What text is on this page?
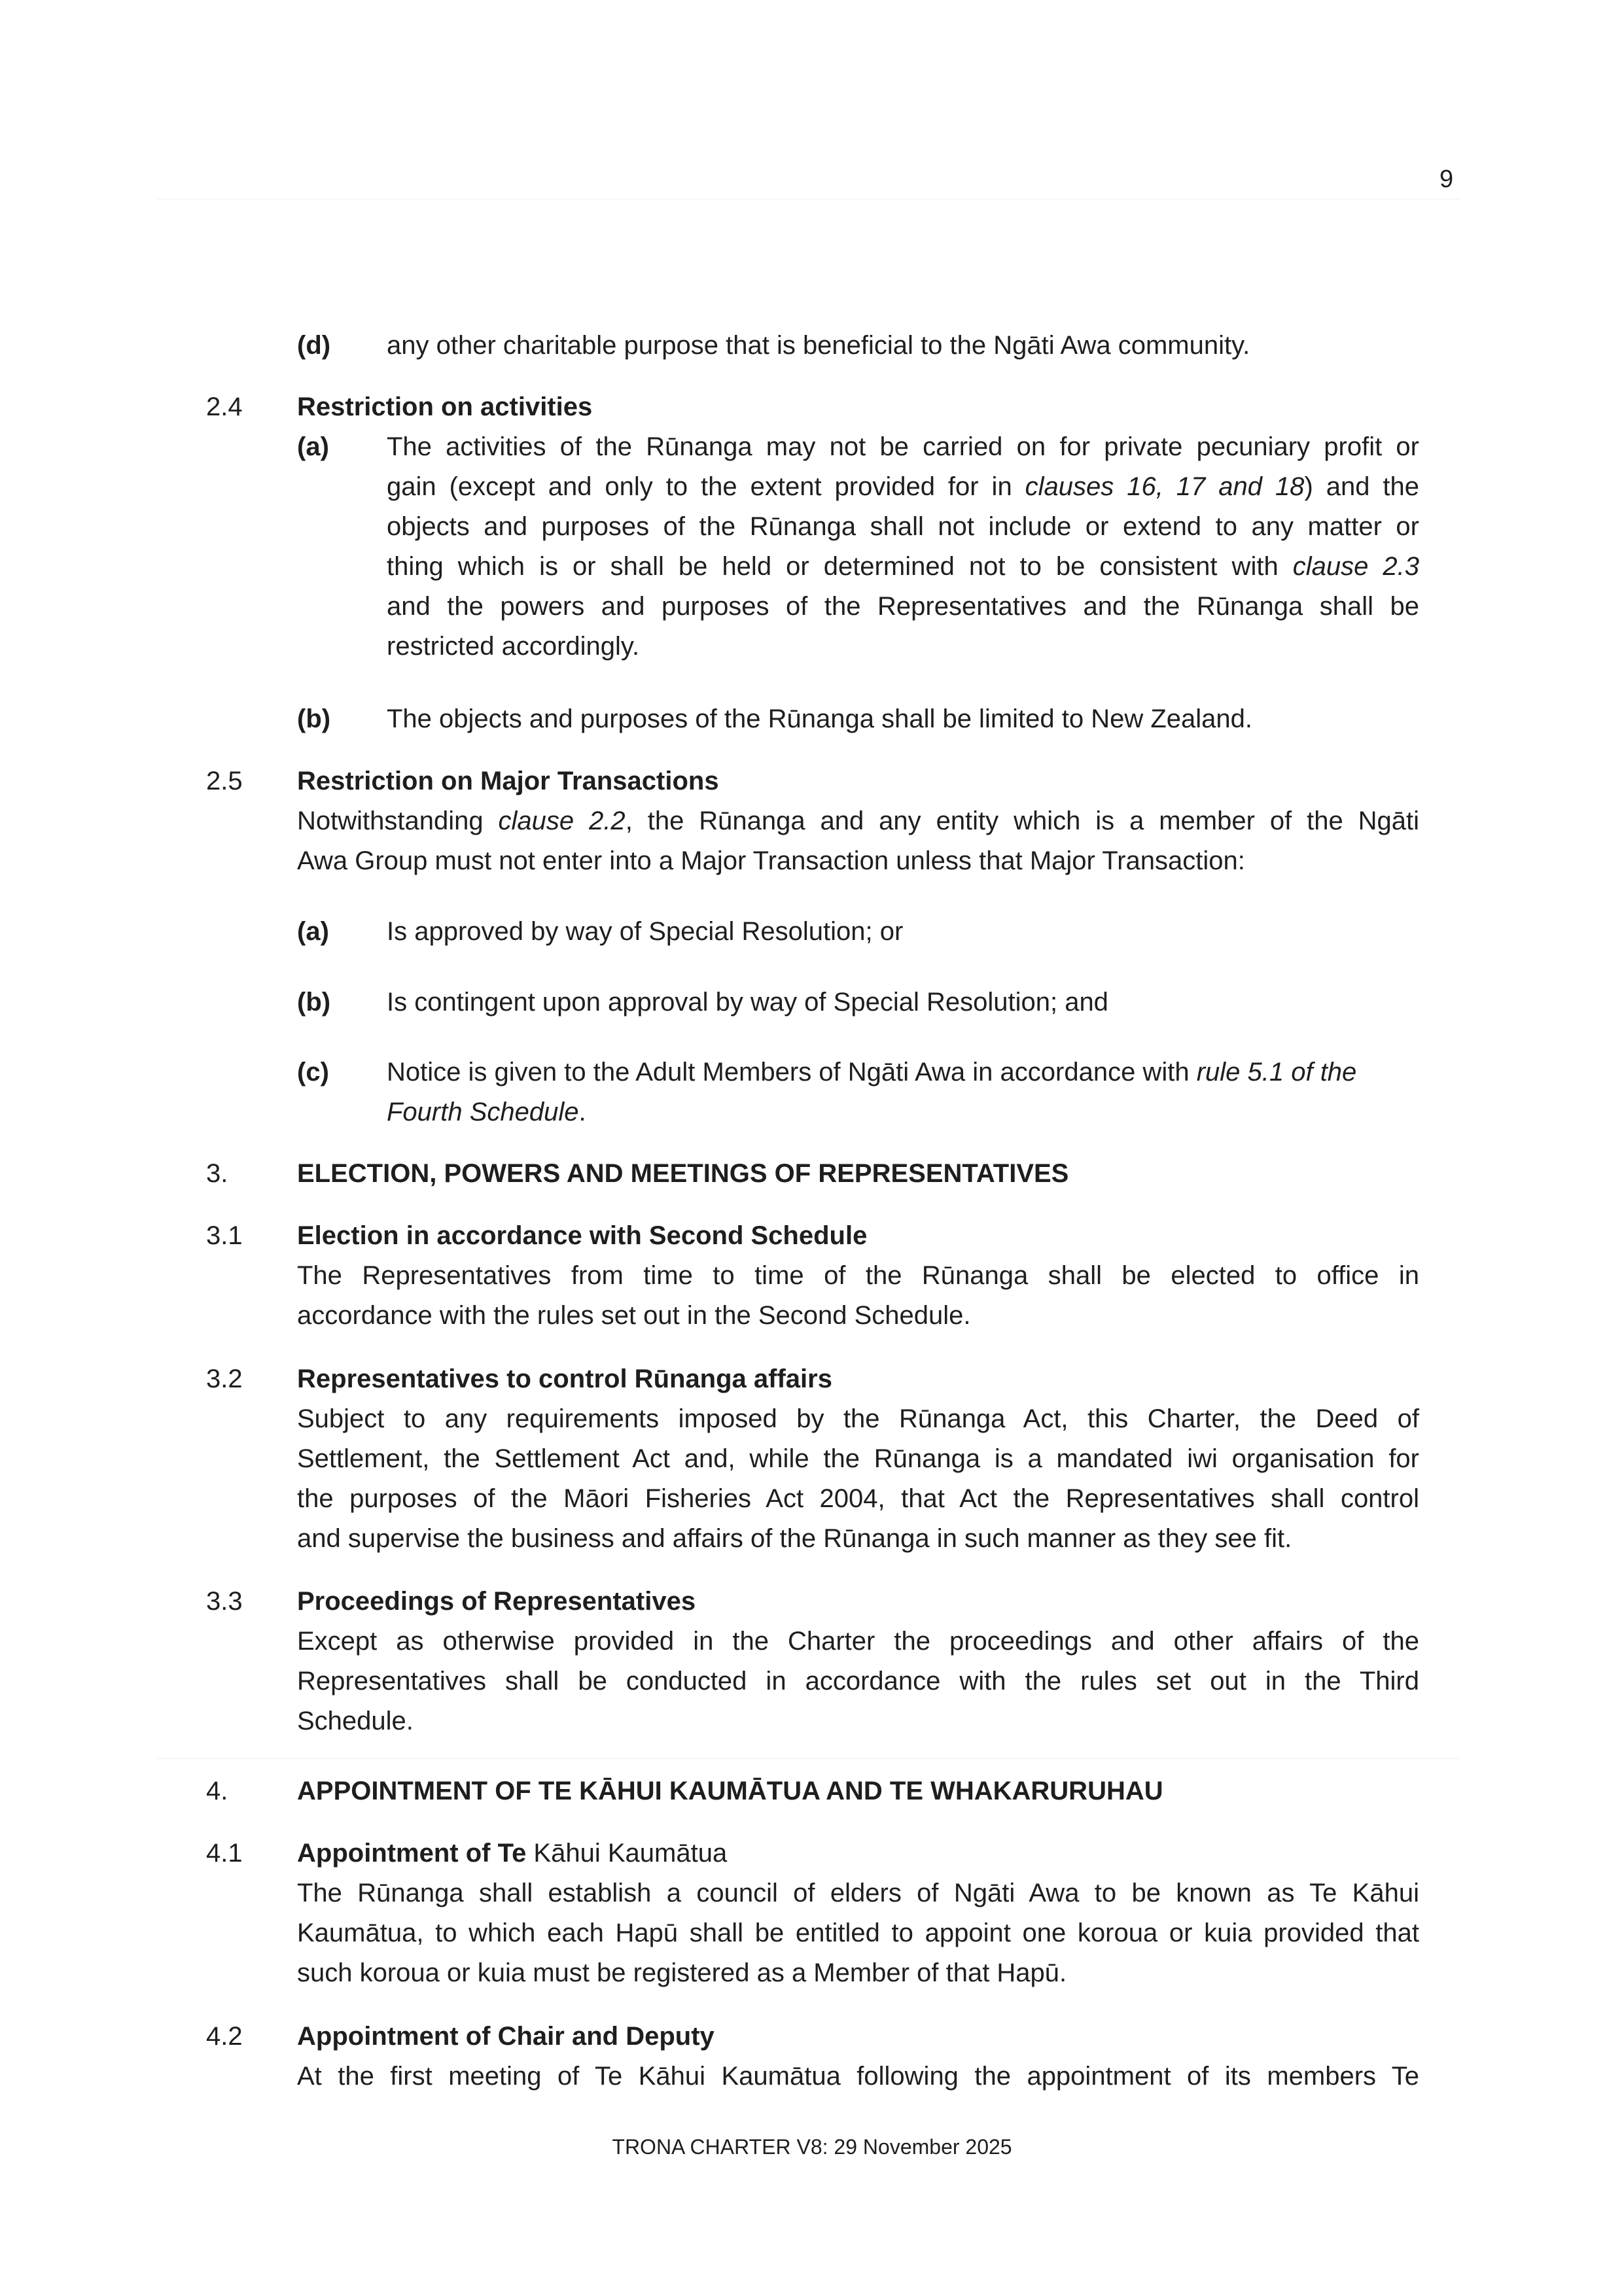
9
(d) any other charitable purpose that is beneficial to the Ngāti Awa community.
2.4 Restriction on activities
(a) The activities of the Rūnanga may not be carried on for private pecuniary profit or
gain (except and only to the extent provided for in clauses 16, 17 and 18) and the
objects and purposes of the Rūnanga shall not include or extend to any matter or
thing which is or shall be held or determined not to be consistent with clause 2.3
and the powers and purposes of the Representatives and the Rūnanga shall be
restricted accordingly.
(b) The objects and purposes of the Rūnanga shall be limited to New Zealand.
2.5 Restriction on Major Transactions
Notwithstanding clause 2.2, the Rūnanga and any entity which is a member of the Ngāti
Awa Group must not enter into a Major Transaction unless that Major Transaction:
(a) Is approved by way of Special Resolution; or
(b) Is contingent upon approval by way of Special Resolution; and
(c) Notice is given to the Adult Members of Ngāti Awa in accordance with rule 5.1 of the
Fourth Schedule.
3.	ELECTION, POWERS AND MEETINGS OF REPRESENTATIVES
3.1 Election in accordance with Second Schedule
The Representatives from time to time of the Rūnanga shall be elected to office in
accordance with the rules set out in the Second Schedule.
3.2 Representatives to control Rūnanga affairs
Subject to any requirements imposed by the Rūnanga Act, this Charter, the Deed of
Settlement, the Settlement Act and, while the Rūnanga is a mandated iwi organisation for
the purposes of the Māori Fisheries Act 2004, that Act the Representatives shall control
and supervise the business and affairs of the Rūnanga in such manner as they see fit.
3.3 Proceedings of Representatives
Except as otherwise provided in the Charter the proceedings and other affairs of the
Representatives shall be conducted in accordance with the rules set out in the Third
Schedule.
4.	APPOINTMENT OF TE KĀHUI KAUMĀTUA AND TE WHAKARURUHAU
4.1 Appointment of Te Kāhui Kaumātua
The Rūnanga shall establish a council of elders of Ngāti Awa to be known as Te Kāhui
Kaumātua, to which each Hapū shall be entitled to appoint one koroua or kuia provided that
such koroua or kuia must be registered as a Member of that Hapū.
4.2 Appointment of Chair and Deputy
At the first meeting of Te Kāhui Kaumātua following the appointment of its members Te
TRONA CHARTER V8: 29 November 2025
